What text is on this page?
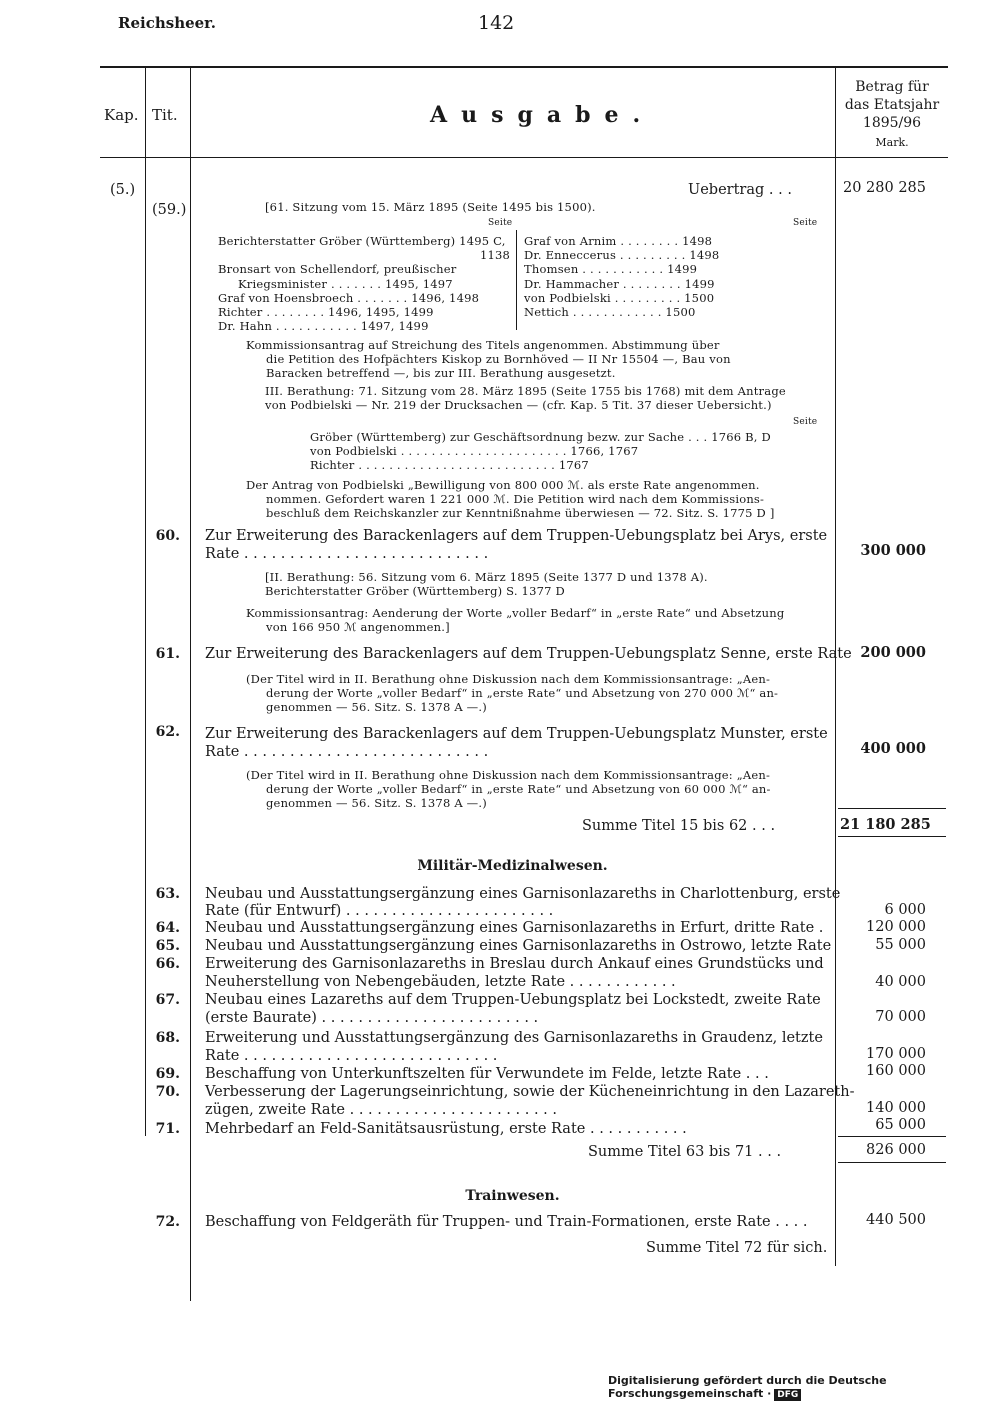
Reichsheer.	142
Kap. Tit.	Ausgabe.
Betrag für
das Etatsjahr
1895/96
Mark.
(5.)
(59.)
Uebertrag . . .	20 280 285
[61. Sitzung vom 15. März 1895 (Seite 1495 bis 1500).
Seite	Seite
Berichterstatter Gröber (Württemberg) 1495 C,
1138
Bronsart von Schellendorf, preußischer
Kriegsminister . . . . . . . 1495, 1497
Graf von Hoensbroech . . . . . . . 1496, 1498
Richter . . . . . . . . 1496, 1495, 1499
Dr. Hahn . . . . . . . . . . . 1497, 1499
Graf von Arnim . . . . . . . . 1498
Dr. Enneccerus . . . . . . . . . 1498
Thomsen . . . . . . . . . . . 1499
Dr. Hammacher . . . . . . . . 1499
von Podbielski . . . . . . . . . 1500
Nettich . . . . . . . . . . . . 1500
Kommissionsantrag auf Streichung des Titels angenommen. Abstimmung über
die Petition des Hofpächters Kiskop zu Bornhöved — II Nr 15504 —, Bau von
Baracken betreffend —, bis zur III. Berathung ausgesetzt.
III. Berathung: 71. Sitzung vom 28. März 1895 (Seite 1755 bis 1768) mit dem Antrage
von Podbielski — Nr. 219 der Drucksachen — (cfr. Kap. 5 Tit. 37 dieser Uebersicht.)
Seite
Gröber (Württemberg) zur Geschäftsordnung bezw. zur Sache . . . 1766 B, D
von Podbielski . . . . . . . . . . . . . . . . . . . . . . 1766, 1767
Richter . . . . . . . . . . . . . . . . . . . . . . . . . . 1767
Der Antrag von Podbielski „Bewilligung von 800 000 ℳ. als erste Rate angenommen.
nommen. Gefordert waren 1 221 000 ℳ. Die Petition wird nach dem Kommissions-
beschluß dem Reichskanzler zur Kenntnißnahme überwiesen — 72. Sitz. S. 1775 D ]
60. Zur Erweiterung des Barackenlagers auf dem Truppen-Uebungsplatz bei Arys, erste
Rate . . . . . . . . . . . . . . . . . . . . . . . . . . .	300 000
[II. Berathung: 56. Sitzung vom 6. März 1895 (Seite 1377 D und 1378 A).
Berichterstatter Gröber (Württemberg) S. 1377 D
Kommissionsantrag: Aenderung der Worte „voller Bedarf“ in „erste Rate“ und Absetzung
von 166 950 ℳ angenommen.]
61. Zur Erweiterung des Barackenlagers auf dem Truppen-Uebungsplatz Senne, erste Rate 200 000
(Der Titel wird in II. Berathung ohne Diskussion nach dem Kommissionsantrage: „Aen-
derung der Worte „voller Bedarf“ in „erste Rate“ und Absetzung von 270 000 ℳ“ an-
genommen — 56. Sitz. S. 1378 A —.)
62. Zur Erweiterung des Barackenlagers auf dem Truppen-Uebungsplatz Munster, erste
Rate . . . . . . . . . . . . . . . . . . . . . . . . . . .	400 000
(Der Titel wird in II. Berathung ohne Diskussion nach dem Kommissionsantrage: „Aen-
derung der Worte „voller Bedarf“ in „erste Rate“ und Absetzung von 60 000 ℳ“ an-
genommen — 56. Sitz. S. 1378 A —.)
Summe Titel 15 bis 62 . . .	21 180 285
Militär-Medizinalwesen.
63. Neubau und Ausstattungsergänzung eines Garnisonlazareths in Charlottenburg, erste
Rate (für Entwurf) . . . . . . . . . . . . . . . . . . . . . . .	6 000
64. Neubau und Ausstattungsergänzung eines Garnisonlazareths in Erfurt, dritte Rate .	120 000
65. Neubau und Ausstattungsergänzung eines Garnisonlazareths in Ostrowo, letzte Rate	55 000
66. Erweiterung des Garnisonlazareths in Breslau durch Ankauf eines Grundstücks und
Neuherstellung von Nebengebäuden, letzte Rate . . . . . . . . . . . .	40 000
67. Neubau eines Lazareths auf dem Truppen-Uebungsplatz bei Lockstedt, zweite Rate
(erste Baurate) . . . . . . . . . . . . . . . . . . . . . . . .	70 000
68. Erweiterung und Ausstattungsergänzung des Garnisonlazareths in Graudenz, letzte
Rate . . . . . . . . . . . . . . . . . . . . . . . . . . . .	170 000
69. Beschaffung von Unterkunftszelten für Verwundete im Felde, letzte Rate . . .	160 000
70. Verbesserung der Lagerungseinrichtung, sowie der Kücheneinrichtung in den Lazareth-
zügen, zweite Rate . . . . . . . . . . . . . . . . . . . . . . .	140 000
71. Mehrbedarf an Feld-Sanitätsausrüstung, erste Rate . . . . . . . . . . .	65 000
Summe Titel 63 bis 71 . . .	826 000
Trainwesen.
72. Beschaffung von Feldgeräth für Truppen- und Train-Formationen, erste Rate . . . .	440 500
Summe Titel 72 für sich.
Digitalisierung gefördert durch die Deutsche Forschungsgemeinschaft · DFG
